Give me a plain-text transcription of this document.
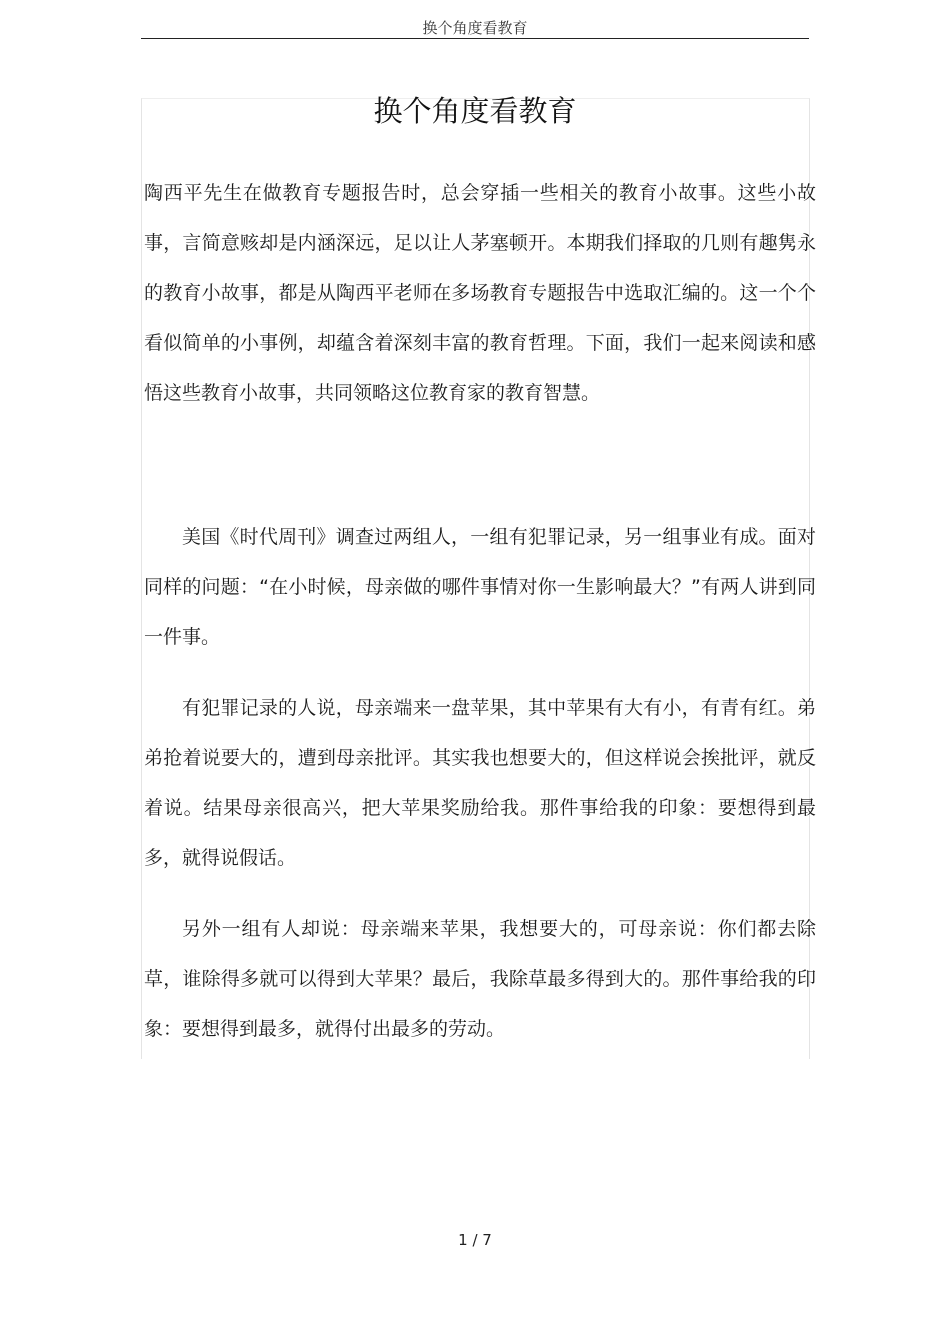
换个角度看教育
换个角度看教育

陶西平先生在做教育专题报告时，总会穿插一些相关的教育小故事。这些小故事，言简意赅却是内涵深远，足以让人茅塞顿开。本期我们择取的几则有趣隽永的教育小故事，都是从陶西平老师在多场教育专题报告中选取汇编的。这一个个看似简单的小事例，却蕴含着深刻丰富的教育哲理。下面，我们一起来阅读和感悟这些教育小故事，共同领略这位教育家的教育智慧。

美国《时代周刊》调查过两组人，一组有犯罪记录，另一组事业有成。面对同样的问题：“在小时候，母亲做的哪件事情对你一生影响最大？”有两人讲到同一件事。

有犯罪记录的人说，母亲端来一盘苹果，其中苹果有大有小，有青有红。弟弟抢着说要大的，遭到母亲批评。其实我也想要大的，但这样说会挨批评，就反着说。结果母亲很高兴，把大苹果奖励给我。那件事给我的印象：要想得到最多，就得说假话。

另外一组有人却说：母亲端来苹果，我想要大的，可母亲说：你们都去除草，谁除得多就可以得到大苹果？最后，我除草最多得到大的。那件事给我的印象：要想得到最多，就得付出最多的劳动。

1 / 7
